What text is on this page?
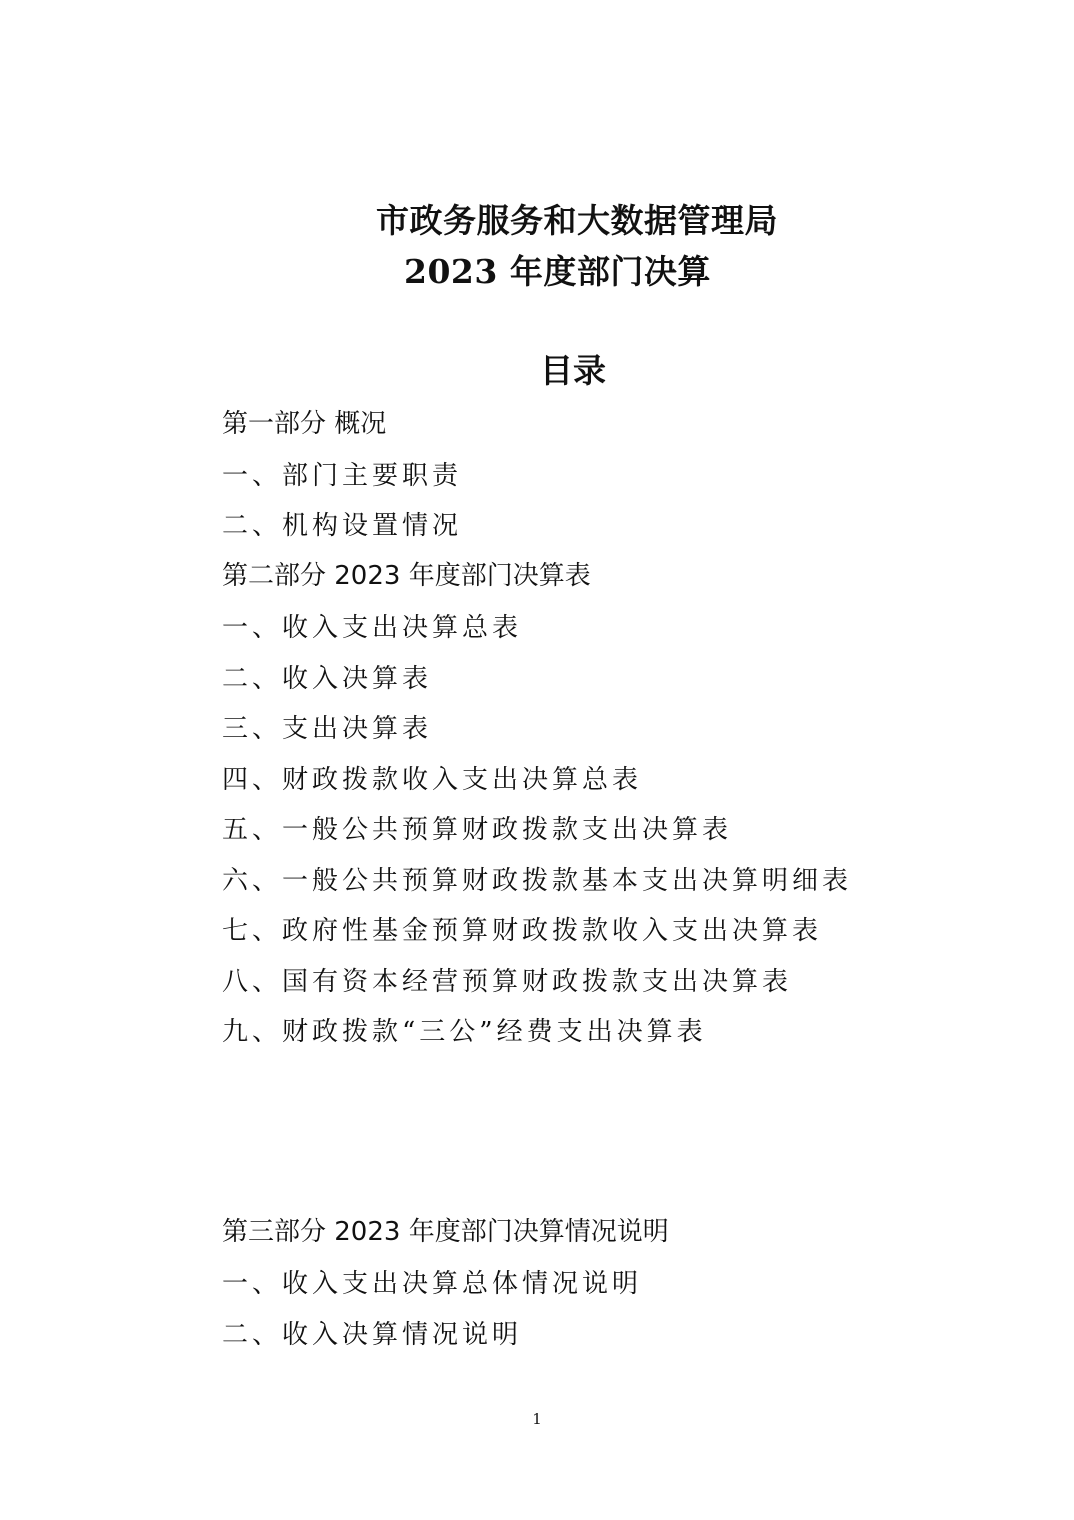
市政务服务和大数据管理局
2023 年度部门决算
目录
第一部分 概况
一、部门主要职责
二、机构设置情况
第二部分 2023 年度部门决算表
一、收入支出决算总表
二、收入决算表
三、支出决算表
四、财政拨款收入支出决算总表
五、一般公共预算财政拨款支出决算表
六、一般公共预算财政拨款基本支出决算明细表
七、政府性基金预算财政拨款收入支出决算表
八、国有资本经营预算财政拨款支出决算表
九、财政拨款“三公”经费支出决算表
第三部分 2023 年度部门决算情况说明
一、收入支出决算总体情况说明
二、收入决算情况说明
1
